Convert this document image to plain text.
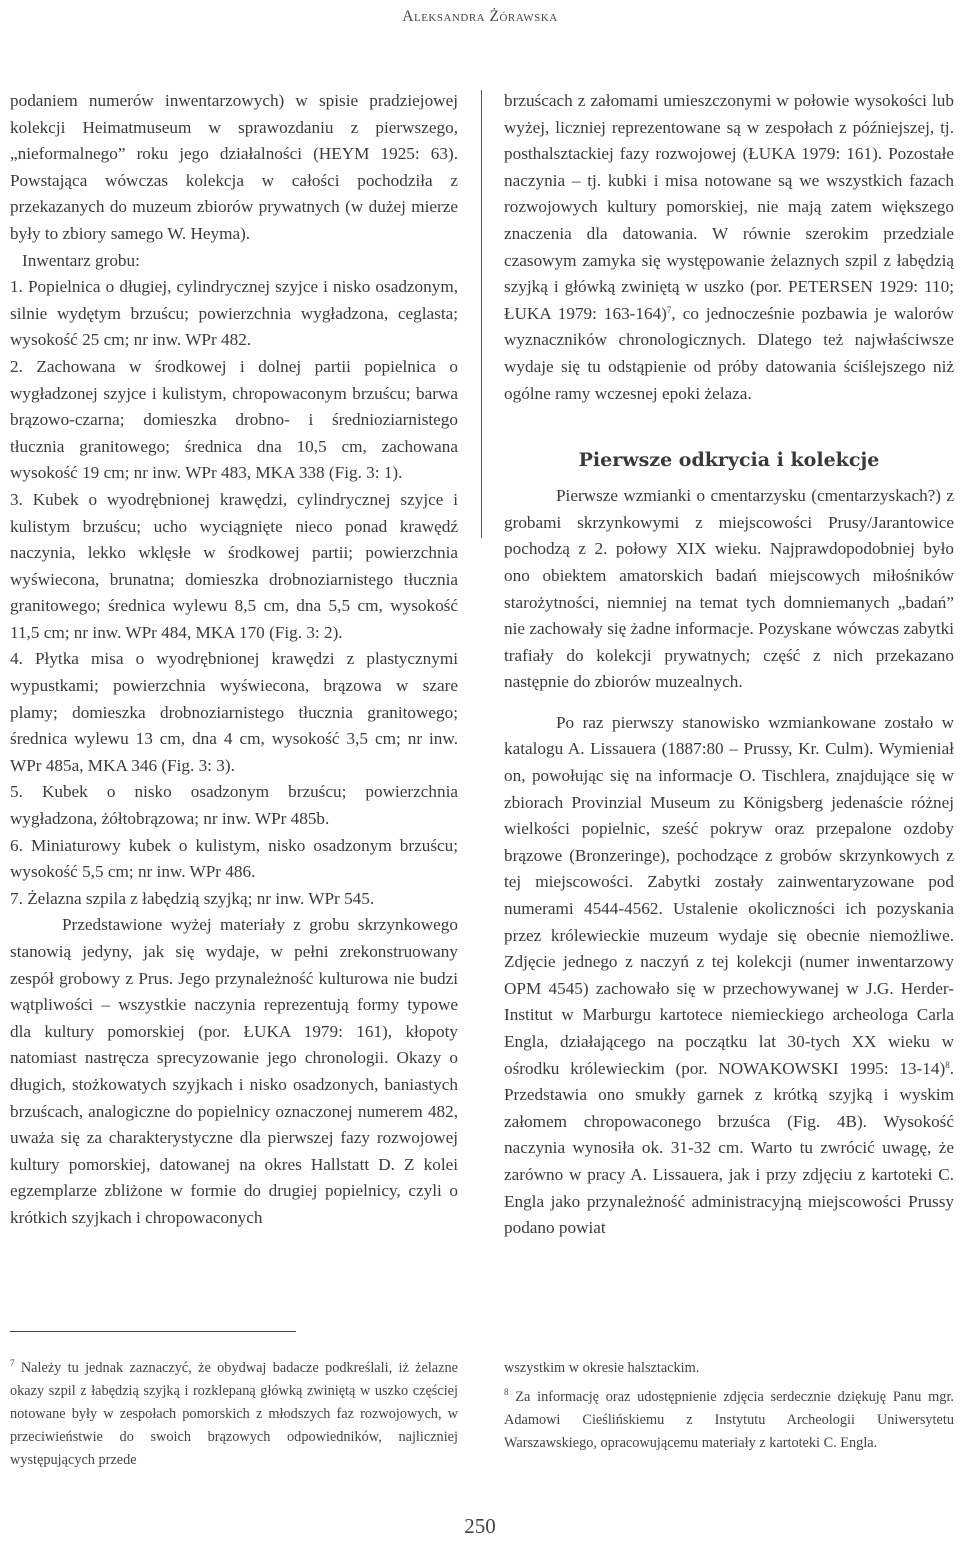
Aleksandra Żórawska

podaniem numerów inwentarzowych) w spisie pradziejowej kolekcji Heimatmuseum w sprawozdaniu z pierwszego, „nieformalnego” roku jego działalności (HEYM 1925: 63). Powstająca wówczas kolekcja w całości pochodziła z przekazanych do muzeum zbiorów prywatnych (w dużej mierze były to zbiory samego W. Heyma).

Inwentarz grobu:

1. Popielnica o długiej, cylindrycznej szyjce i nisko osadzonym, silnie wydętym brzuścu; powierzchnia wygładzona, ceglasta; wysokość 25 cm; nr inw. WPr 482.

2. Zachowana w środkowej i dolnej partii popielnica o wygładzonej szyjce i kulistym, chropowaconym brzuścu; barwa brązowo-czarna; domieszka drobno- i średnioziarnistego tłucznia granitowego; średnica dna 10,5 cm, zachowana wysokość 19 cm; nr inw. WPr 483, MKA 338 (Fig. 3: 1).

3. Kubek o wyodrębnionej krawędzi, cylindrycznej szyjce i kulistym brzuścu; ucho wyciągnięte nieco ponad krawędź naczynia, lekko wklęsłe w środkowej partii; powierzchnia wyświecona, brunatna; domieszka drobnoziarnistego tłucznia granitowego; średnica wylewu 8,5 cm, dna 5,5 cm, wysokość 11,5 cm; nr inw. WPr 484, MKA 170 (Fig. 3: 2).

4. Płytka misa o wyodrębnionej krawędzi z plastycznymi wypustkami; powierzchnia wyświecona, brązowa w szare plamy; domieszka drobnoziarnistego tłucznia granitowego; średnica wylewu 13 cm, dna 4 cm, wysokość 3,5 cm; nr inw. WPr 485a, MKA 346 (Fig. 3: 3).

5. Kubek o nisko osadzonym brzuścu; powierzchnia wygładzona, żółtobrązowa; nr inw. WPr 485b.

6. Miniaturowy kubek o kulistym, nisko osadzonym brzuścu; wysokość 5,5 cm; nr inw. WPr 486.

7. Żelazna szpila z łabędzią szyjką; nr inw. WPr 545.

Przedstawione wyżej materiały z grobu skrzynkowego stanowią jedyny, jak się wydaje, w pełni zrekonstruowany zespół grobowy z Prus. Jego przynależność kulturowa nie budzi wątpliwości – wszystkie naczynia reprezentują formy typowe dla kultury pomorskiej (por. ŁUKA 1979: 161), kłopoty natomiast nastręcza sprecyzowanie jego chronologii. Okazy o długich, stożkowatych szyjkach i nisko osadzonych, baniastych brzuścach, analogiczne do popielnicy oznaczonej numerem 482, uważa się za charakterystyczne dla pierwszej fazy rozwojowej kultury pomorskiej, datowanej na okres Hallstatt D. Z kolei egzemplarze zbliżone w formie do drugiej popielnicy, czyli o krótkich szyjkach i chropowaconych

brzuścach z załomami umieszczonymi w połowie wysokości lub wyżej, liczniej reprezentowane są w zespołach z późniejszej, tj. posthalsztackiej fazy rozwojowej (ŁUKA 1979: 161). Pozostałe naczynia – tj. kubki i misa notowane są we wszystkich fazach rozwojowych kultury pomorskiej, nie mają zatem większego znaczenia dla datowania. W równie szerokim przedziale czasowym zamyka się występowanie żelaznych szpil z łabędzią szyjką i główką zwiniętą w uszko (por. PETERSEN 1929: 110; ŁUKA 1979: 163-164)$^7$, co jednocześnie pozbawia je walorów wyznaczników chronologicznych. Dlatego też najwłaściwsze wydaje się tu odstąpienie od próby datowania ściślejszego niż ogólne ramy wczesnej epoki żelaza.

Pierwsze odkrycia i kolekcje

Pierwsze wzmianki o cmentarzysku (cmentarzyskach?) z grobami skrzynkowymi z miejscowości Prusy/Jarantowice pochodzą z 2. połowy XIX wieku. Najprawdopodobniej było ono obiektem amatorskich badań miejscowych miłośników starożytności, niemniej na temat tych domniemanych „badań” nie zachowały się żadne informacje. Pozyskane wówczas zabytki trafiały do kolekcji prywatnych; część z nich przekazano następnie do zbiorów muzealnych.

Po raz pierwszy stanowisko wzmiankowane zostało w katalogu A. Lissauera (1887:80 – Prussy, Kr. Culm). Wymieniał on, powołując się na informacje O. Tischlera, znajdujące się w zbiorach Provinzial Museum zu Königsberg jedenaście różnej wielkości popielnic, sześć pokryw oraz przepalone ozdoby brązowe (Bronzeringe), pochodzące z grobów skrzynkowych z tej miejscowości. Zabytki zostały zainwentaryzowane pod numerami 4544-4562. Ustalenie okoliczności ich pozyskania przez królewieckie muzeum wydaje się obecnie niemożliwe. Zdjęcie jednego z naczyń z tej kolekcji (numer inwentarzowy OPM 4545) zachowało się w przechowywanej w J.G. Herder-Institut w Marburgu kartotece niemieckiego archeologa Carla Engla, działającego na początku lat 30-tych XX wieku w ośrodku królewieckim (por. NOWAKOWSKI 1995: 13-14)$^8$. Przedstawia ono smukły garnek z krótką szyjką i wyskim załomem chropowaconego brzuśca (Fig. 4B). Wysokość naczynia wynosiła ok. 31-32 cm. Warto tu zwrócić uwagę, że zarówno w pracy A. Lissauera, jak i przy zdjęciu z kartoteki C. Engla jako przynależność administracyjną miejscowości Prussy podano powiat

$^7$ Należy tu jednak zaznaczyć, że obydwaj badacze podkreślali, iż żelazne okazy szpil z łabędzią szyjką i rozklepaną główką zwiniętą w uszko częściej notowane były w zespołach pomorskich z młodszych faz rozwojowych, w przeciwieństwie do swoich brązowych odpowiedników, najliczniej występujących przede

wszystkim w okresie halsztackim.

$^8$ Za informację oraz udostępnienie zdjęcia serdecznie dziękuję Panu mgr. Adamowi Cieślińskiemu z Instytutu Archeologii Uniwersytetu Warszawskiego, opracowującemu materiały z kartoteki C. Engla.

250
